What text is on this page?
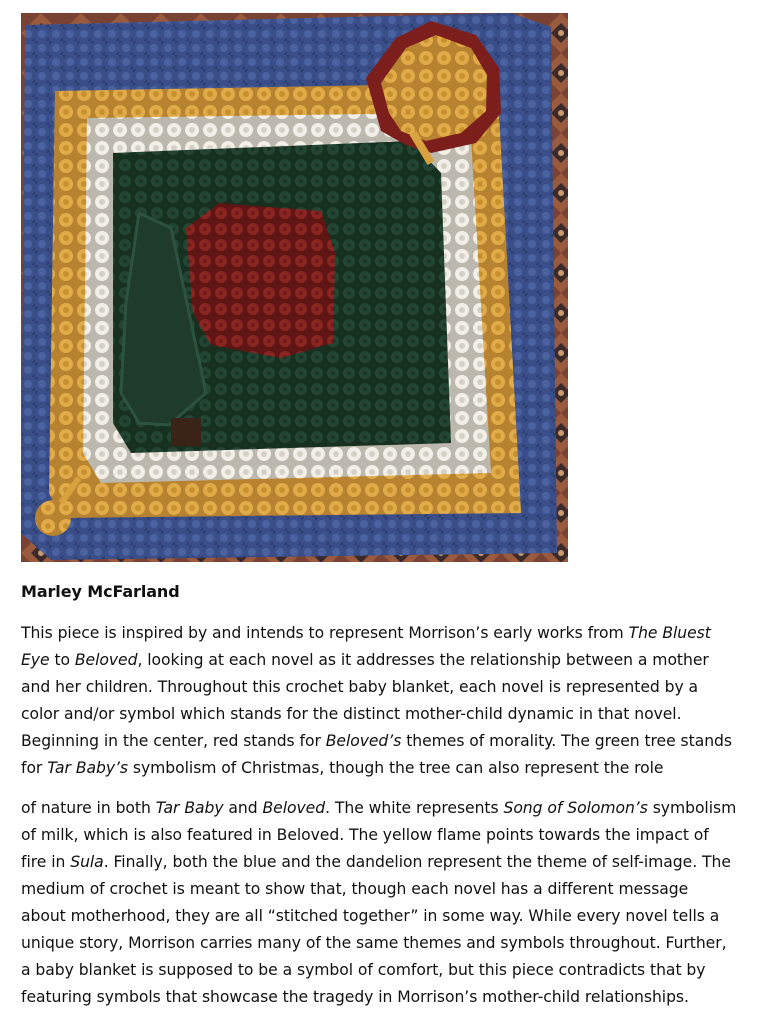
Marley McFarland

This piece is inspired by and intends to represent Morrison’s early works from The Bluest
Eye to Beloved, looking at each novel as it addresses the relationship between a mother
and her children. Throughout this crochet baby blanket, each novel is represented by a
color and/or symbol which stands for the distinct mother-child dynamic in that novel.
Beginning in the center, red stands for Beloved’s themes of morality. The green tree stands
for Tar Baby’s symbolism of Christmas, though the tree can also represent the role

of nature in both Tar Baby and Beloved. The white represents Song of Solomon’s symbolism
of milk, which is also featured in Beloved. The yellow flame points towards the impact of
fire in Sula. Finally, both the blue and the dandelion represent the theme of self-image. The
medium of crochet is meant to show that, though each novel has a different message
about motherhood, they are all “stitched together” in some way. While every novel tells a
unique story, Morrison carries many of the same themes and symbols throughout. Further,
a baby blanket is supposed to be a symbol of comfort, but this piece contradicts that by
featuring symbols that showcase the tragedy in Morrison’s mother-child relationships.
